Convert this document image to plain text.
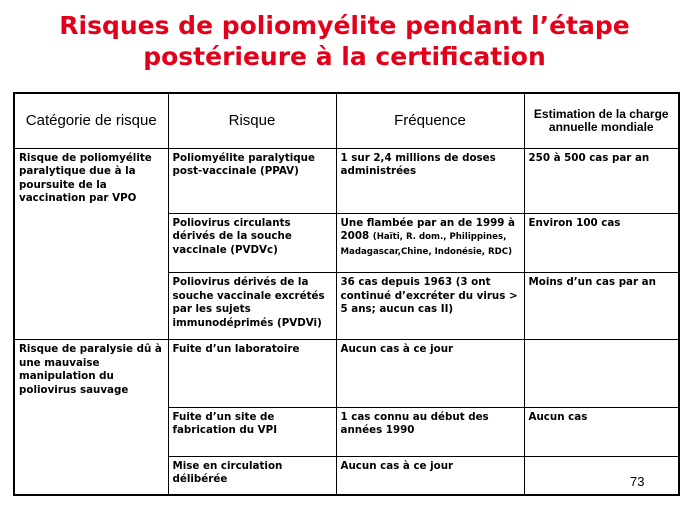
Risques de poliomyélite pendant l’étape
postérieure à la certification
Catégorie de risque	Risque	Fréquence	Estimation de la charge annuelle mondiale
Risque de poliomyélite paralytique due à la poursuite de la vaccination par VPO	Poliomyélite paralytique post-vaccinale (PPAV)	1 sur 2,4 millions de doses administrées	250 à 500 cas par an
	Poliovirus circulants dérivés de la souche vaccinale (PVDVc)	Une flambée par an de 1999 à 2008 (Haïti, R. dom., Philippines, Madagascar,Chine, Indonésie, RDC)	Environ 100 cas
	Poliovirus dérivés de la souche vaccinale excrétés par les sujets immunodéprimés (PVDVi)	36 cas depuis 1963 (3 ont continué d’excréter du virus > 5 ans; aucun cas II)	Moins d’un cas par an
Risque de paralysie dû à une mauvaise manipulation du poliovirus sauvage	Fuite d’un laboratoire	Aucun cas à ce jour	
	Fuite d’un site de fabrication du VPI	1 cas connu au début des années 1990	Aucun cas
	Mise en circulation délibérée	Aucun cas à ce jour	
73
